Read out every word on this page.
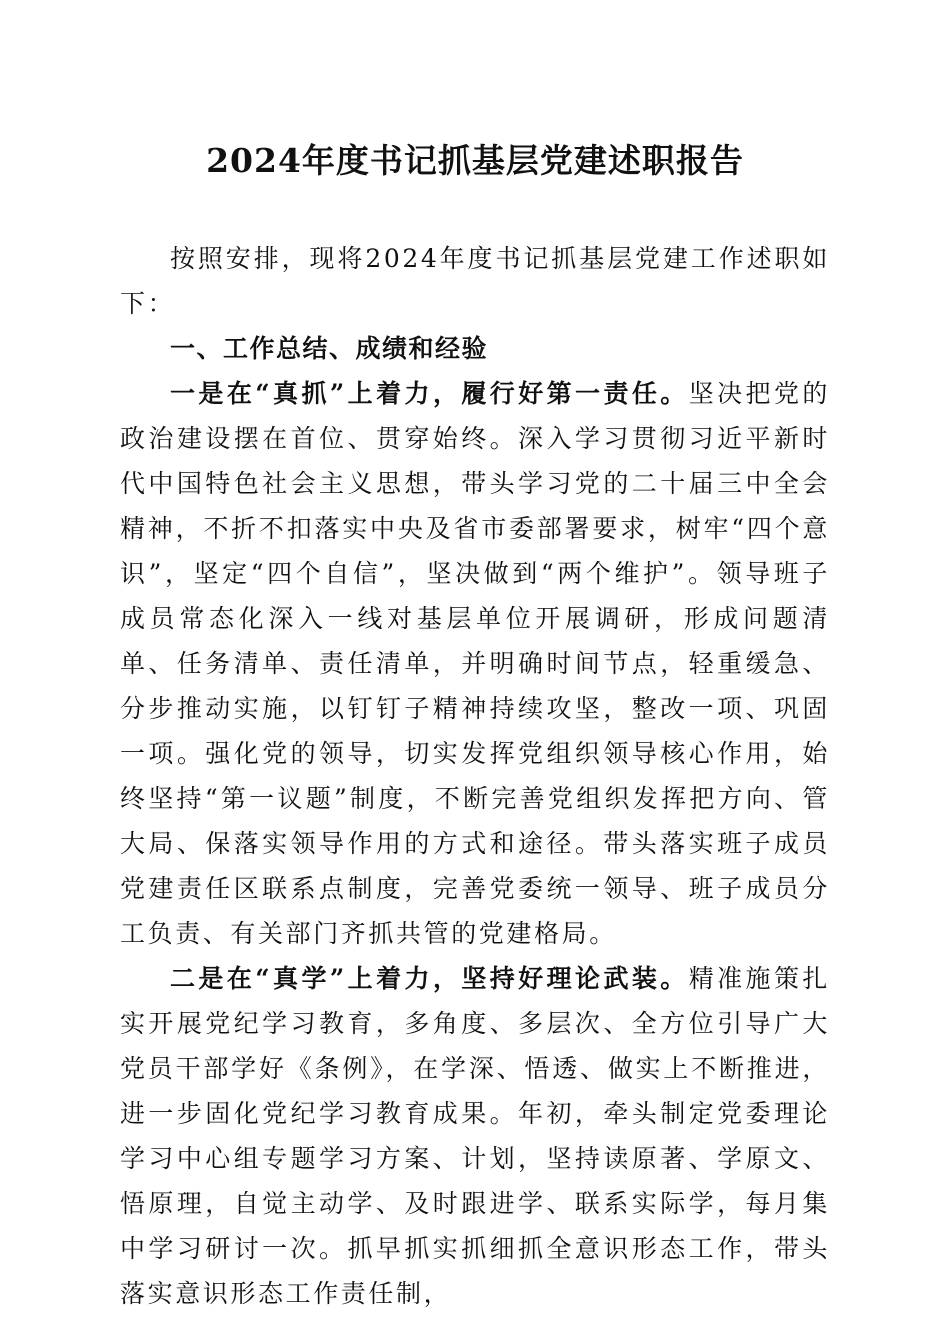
2024年度书记抓基层党建述职报告

按照安排，现将2024年度书记抓基层党建工作述职如下：

一、工作总结、成绩和经验

一是在“真抓”上着力，履行好第一责任。坚决把党的政治建设摆在首位、贯穿始终。深入学习贯彻习近平新时代中国特色社会主义思想，带头学习党的二十届三中全会精神，不折不扣落实中央及省市委部署要求，树牢“四个意识”，坚定“四个自信”，坚决做到“两个维护”。领导班子成员常态化深入一线对基层单位开展调研，形成问题清单、任务清单、责任清单，并明确时间节点，轻重缓急、分步推动实施，以钉钉子精神持续攻坚，整改一项、巩固一项。强化党的领导，切实发挥党组织领导核心作用，始终坚持“第一议题”制度，不断完善党组织发挥把方向、管大局、保落实领导作用的方式和途径。带头落实班子成员党建责任区联系点制度，完善党委统一领导、班子成员分工负责、有关部门齐抓共管的党建格局。

二是在“真学”上着力，坚持好理论武装。精准施策扎实开展党纪学习教育，多角度、多层次、全方位引导广大党员干部学好《条例》，在学深、悟透、做实上不断推进，进一步固化党纪学习教育成果。年初，牵头制定党委理论学习中心组专题学习方案、计划，坚持读原著、学原文、悟原理，自觉主动学、及时跟进学、联系实际学，每月集中学习研讨一次。抓早抓实抓细抓全意识形态工作，带头落实意识形态工作责任制，
